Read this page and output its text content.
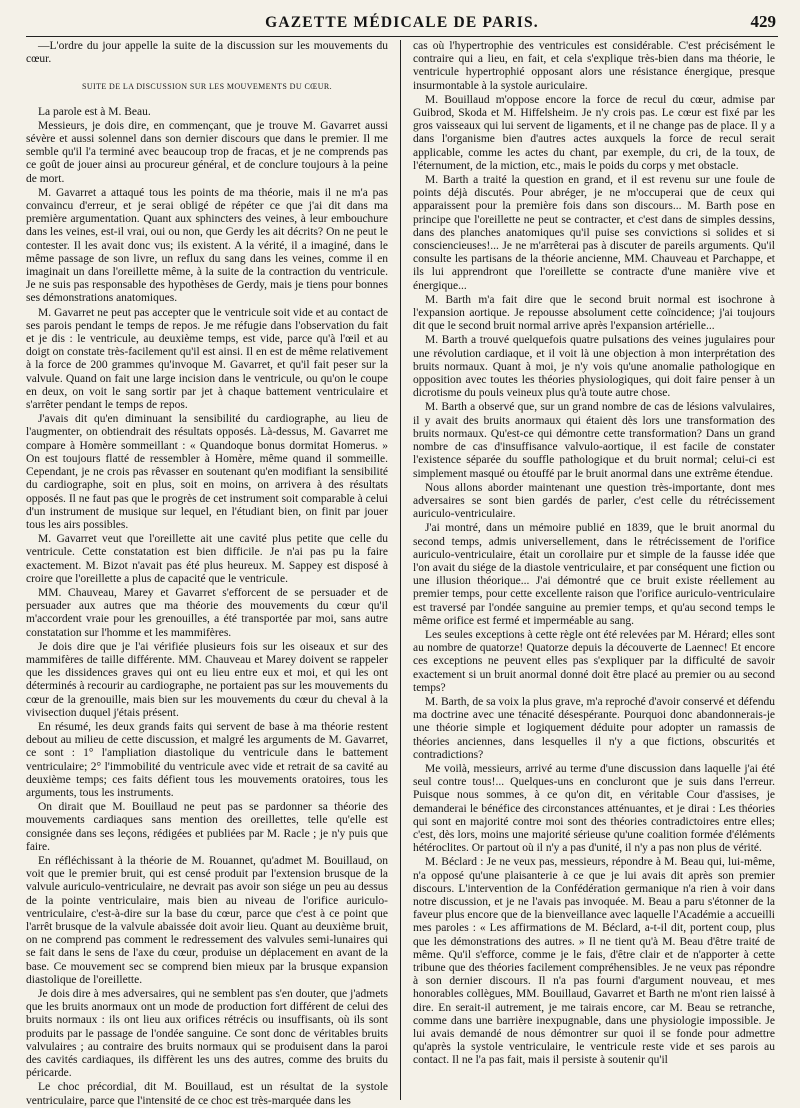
GAZETTE MÉDICALE DE PARIS.	429

—L'ordre du jour appelle la suite de la discussion sur les mouvements du cœur.

SUITE DE LA DISCUSSION SUR LES MOUVEMENTS DU CŒUR.

La parole est à M. Beau.

Messieurs, je dois dire, en commençant, que je trouve M. Gavarret aussi sévère et aussi solennel dans son dernier discours que dans le premier. Il me semble qu'il l'a terminé avec beaucoup trop de fracas, et je ne comprends pas ce goût de jouer ainsi au procureur général, et de conclure toujours à la peine de mort.

M. Gavarret a attaqué tous les points de ma théorie, mais il ne m'a pas convaincu d'erreur, et je serai obligé de répéter ce que j'ai dit dans ma première argumentation. Quant aux sphincters des veines, à leur embouchure dans les veines, est-il vrai, oui ou non, que Gerdy les ait décrits? On ne peut le contester. Il les avait donc vus; ils existent. A la vérité, il a imaginé, dans le même passage de son livre, un reflux du sang dans les veines, comme il en imaginait un dans l'oreillette même, à la suite de la contraction du ventricule. Je ne suis pas responsable des hypothèses de Gerdy, mais je tiens pour bonnes ses démonstrations anatomiques.

M. Gavarret ne peut pas accepter que le ventricule soit vide et au contact de ses parois pendant le temps de repos. Je me réfugie dans l'observation du fait et je dis : le ventricule, au deuxième temps, est vide, parce qu'à l'œil et au doigt on constate très-facilement qu'il est ainsi. Il en est de même relativement à la force de 200 grammes qu'invoque M. Gavarret, et qu'il fait peser sur la valvule. Quand on fait une large incision dans le ventricule, ou qu'on le coupe en deux, on voit le sang sortir par jet à chaque battement ventriculaire et s'arrêter pendant le temps de repos.

J'avais dit qu'en diminuant la sensibilité du cardiographe, au lieu de l'augmenter, on obtiendrait des résultats opposés. Là-dessus, M. Gavarret me compare à Homère sommeillant : « Quandoque bonus dormitat Homerus. » On est toujours flatté de ressembler à Homère, même quand il sommeille. Cependant, je ne crois pas rêvasser en soutenant qu'en modifiant la sensibilité du cardiographe, soit en plus, soit en moins, on arrivera à des résultats opposés. Il ne faut pas que le progrès de cet instrument soit comparable à celui d'un instrument de musique sur lequel, en l'étudiant bien, on finit par jouer tous les airs possibles.

M. Gavarret veut que l'oreillette ait une cavité plus petite que celle du ventricule. Cette constatation est bien difficile. Je n'ai pas pu la faire exactement. M. Bizot n'avait pas été plus heureux. M. Sappey est disposé à croire que l'oreillette a plus de capacité que le ventricule.

MM. Chauveau, Marey et Gavarret s'efforcent de se persuader et de persuader aux autres que ma théorie des mouvements du cœur qu'il m'accordent vraie pour les grenouilles, a été transportée par moi, sans autre constatation sur l'homme et les mammifères.

Je dois dire que je l'ai vérifiée plusieurs fois sur les oiseaux et sur des mammifères de taille différente. MM. Chauveau et Marey doivent se rappeler que les dissidences graves qui ont eu lieu entre eux et moi, et qui les ont déterminés à recourir au cardiographe, ne portaient pas sur les mouvements du cœur de la grenouille, mais bien sur les mouvements du cœur du cheval à la vivisection duquel j'étais présent.

En résumé, les deux grands faits qui servent de base à ma théorie restent debout au milieu de cette discussion, et malgré les arguments de M. Gavarret, ce sont : 1° l'ampliation diastolique du ventricule dans le battement ventriculaire; 2° l'immobilité du ventricule avec vide et retrait de sa cavité au deuxième temps; ces faits défient tous les mouvements oratoires, tous les arguments, tous les instruments.

On dirait que M. Bouillaud ne peut pas se pardonner sa théorie des mouvements cardiaques sans mention des oreillettes, telle qu'elle est consignée dans ses leçons, rédigées et publiées par M. Racle ; je n'y puis que faire.

En réfléchissant à la théorie de M. Rouannet, qu'admet M. Bouillaud, on voit que le premier bruit, qui est censé produit par l'extension brusque de la valvule auriculo-ventriculaire, ne devrait pas avoir son siége un peu au dessus de la pointe ventriculaire, mais bien au niveau de l'orifice auriculo-ventriculaire, c'est-à-dire sur la base du cœur, parce que c'est à ce point que l'arrêt brusque de la valvule abaissée doit avoir lieu. Quant au deuxième bruit, on ne comprend pas comment le redressement des valvules semi-lunaires qui se fait dans le sens de l'axe du cœur, produise un déplacement en avant de la base. Ce mouvement sec se comprend bien mieux par la brusque expansion diastolique de l'oreillette.

Je dois dire à mes adversaires, qui ne semblent pas s'en douter, que j'admets que les bruits anormaux ont un mode de production fort différent de celui des bruits normaux : ils ont lieu aux orifices rétrécis ou insuffisants, où ils sont produits par le passage de l'ondée sanguine. Ce sont donc de véritables bruits valvulaires ; au contraire des bruits normaux qui se produisent dans la paroi des cavités cardiaques, ils diffèrent les uns des autres, comme des bruits du péricarde.

Le choc précordial, dit M. Bouillaud, est un résultat de la systole ventriculaire, parce que l'intensité de ce choc est très-marquée dans les

cas où l'hypertrophie des ventricules est considérable. C'est précisément le contraire qui a lieu, en fait, et cela s'explique très-bien dans ma théorie, le ventricule hypertrophié opposant alors une résistance énergique, presque insurmontable à la systole auriculaire.

M. Bouillaud m'oppose encore la force de recul du cœur, admise par Guibrod, Skoda et M. Hiffelsheim. Je n'y crois pas. Le cœur est fixé par les gros vaisseaux qui lui servent de ligaments, et il ne change pas de place. Il y a dans l'organisme bien d'autres actes auxquels la force de recul serait applicable, comme les actes du chant, par exemple, du cri, de la toux, de l'éternument, de la miction, etc., mais le poids du corps y met obstacle.

M. Barth a traité la question en grand, et il est revenu sur une foule de points déjà discutés. Pour abréger, je ne m'occuperai que de ceux qui apparaissent pour la première fois dans son discours... M. Barth pose en principe que l'oreillette ne peut se contracter, et c'est dans de simples dessins, dans des planches anatomiques qu'il puise ses convictions si solides et si consciencieuses!... Je ne m'arrêterai pas à discuter de pareils arguments. Qu'il consulte les partisans de la théorie ancienne, MM. Chauveau et Parchappe, et ils lui apprendront que l'oreillette se contracte d'une manière vive et énergique...

M. Barth m'a fait dire que le second bruit normal est isochrone à l'expansion aortique. Je repousse absolument cette coïncidence; j'ai toujours dit que le second bruit normal arrive après l'expansion artérielle...

M. Barth a trouvé quelquefois quatre pulsations des veines jugulaires pour une révolution cardiaque, et il voit là une objection à mon interprétation des bruits normaux. Quant à moi, je n'y vois qu'une anomalie pathologique en opposition avec toutes les théories physiologiques, qui doit faire penser à un dicrotisme du pouls veineux plus qu'à toute autre chose.

M. Barth a observé que, sur un grand nombre de cas de lésions valvulaires, il y avait des bruits anormaux qui étaient dès lors une transformation des bruits normaux. Qu'est-ce qui démontre cette transformation? Dans un grand nombre de cas d'insuffisance valvulo-aortique, il est facile de constater l'existence séparée du souffle pathologique et du bruit normal; celui-ci est simplement masqué ou étouffé par le bruit anormal dans une extrême étendue.

Nous allons aborder maintenant une question très-importante, dont mes adversaires se sont bien gardés de parler, c'est celle du rétrécissement auriculo-ventriculaire.

J'ai montré, dans un mémoire publié en 1839, que le bruit anormal du second temps, admis universellement, dans le rétrécissement de l'orifice auriculo-ventriculaire, était un corollaire pur et simple de la fausse idée que l'on avait du siége de la diastole ventriculaire, et par conséquent une fiction ou une illusion théorique... J'ai démontré que ce bruit existe réellement au premier temps, pour cette excellente raison que l'orifice auriculo-ventriculaire est traversé par l'ondée sanguine au premier temps, et qu'au second temps le même orifice est fermé et imperméable au sang.

Les seules exceptions à cette règle ont été relevées par M. Hérard; elles sont au nombre de quatorze! Quatorze depuis la découverte de Laennec! Et encore ces exceptions ne peuvent elles pas s'expliquer par la difficulté de savoir exactement si un bruit anormal donné doit être placé au premier ou au second temps?

M. Barth, de sa voix la plus grave, m'a reproché d'avoir conservé et défendu ma doctrine avec une ténacité désespérante. Pourquoi donc abandonnerais-je une théorie simple et logiquement déduite pour adopter un ramassis de théories anciennes, dans lesquelles il n'y a que fictions, obscurités et contradictions?

Me voilà, messieurs, arrivé au terme d'une discussion dans laquelle j'ai été seul contre tous!... Quelques-uns en concluront que je suis dans l'erreur. Puisque nous sommes, à ce qu'on dit, en véritable Cour d'assises, je demanderai le bénéfice des circonstances atténuantes, et je dirai : Les théories qui sont en majorité contre moi sont des théories contradictoires entre elles; c'est, dès lors, moins une majorité sérieuse qu'une coalition formée d'éléments hétéroclites. Or partout où il n'y a pas d'unité, il n'y a pas non plus de vérité.

M. Béclard : Je ne veux pas, messieurs, répondre à M. Beau qui, lui-même, n'a opposé qu'une plaisanterie à ce que je lui avais dit après son premier discours. L'intervention de la Confédération germanique n'a rien à voir dans notre discussion, et je ne l'avais pas invoquée. M. Beau a paru s'étonner de la faveur plus encore que de la bienveillance avec laquelle l'Académie a accueilli mes paroles : « Les affirmations de M. Béclard, a-t-il dit, portent coup, plus que les démonstrations des autres. » Il ne tient qu'à M. Beau d'être traité de même. Qu'il s'efforce, comme je le fais, d'être clair et de n'apporter à cette tribune que des théories facilement compréhensibles. Je ne veux pas répondre à son dernier discours. Il n'a pas fourni d'argument nouveau, et mes honorables collègues, MM. Bouillaud, Gavarret et Barth ne m'ont rien laissé à dire. En serait-il autrement, je me tairais encore, car M. Beau se retranche, comme dans une barrière inexpugnable, dans une physiologie impossible. Je lui avais demandé de nous démontrer sur quoi il se fonde pour admettre qu'après la systole ventriculaire, le ventricule reste vide et ses parois au contact. Il ne l'a pas fait, mais il persiste à soutenir qu'il
